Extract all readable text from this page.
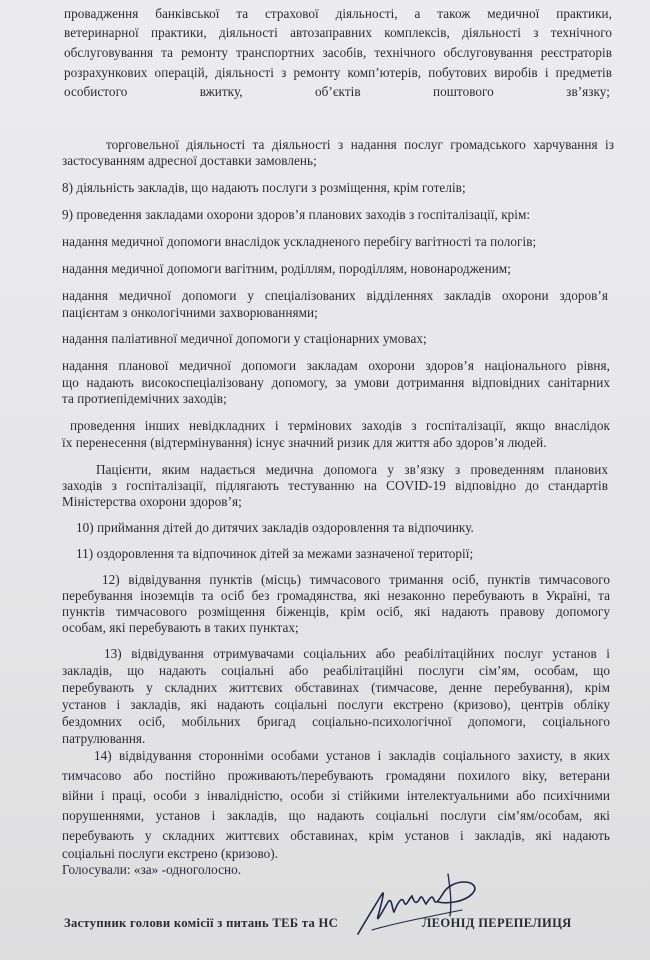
провадження банківської та страхової діяльності, а також медичної практики,
ветеринарної практики, діяльності автозаправних комплексів, діяльності з технічного
обслуговування та ремонту транспортних засобів, технічного обслуговування реєстраторів
розрахункових операцій, діяльності з ремонту комп’ютерів, побутових виробів і предметів
особистого вжитку, об’єктів поштового зв’язку;
торговельної діяльності та діяльності з надання послуг громадського харчування із
застосуванням адресної доставки замовлень;
8) діяльність закладів, що надають послуги з розміщення, крім готелів;
9) проведення закладами охорони здоров’я планових заходів з госпіталізації, крім:
надання медичної допомоги внаслідок ускладненого перебігу вагітності та пологів;
надання медичної допомоги вагітним, роділлям, породіллям, новонародженим;
надання медичної допомоги у спеціалізованих відділеннях закладів охорони здоров’я
пацієнтам з онкологічними захворюваннями;
надання паліативної медичної допомоги у стаціонарних умовах;
надання планової медичної допомоги закладам охорони здоров’я національного рівня,
що надають високоспеціалізовану допомогу, за умови дотримання відповідних санітарних
та протиепідемічних заходів;
проведення інших невідкладних і термінових заходів з госпіталізації, якщо внаслідок
їх перенесення (відтермінування) існує значний ризик для життя або здоров’я людей.
Пацієнти, яким надається медична допомога у зв’язку з проведенням планових
заходів з госпіталізації, підлягають тестуванню на COVID-19 відповідно до стандартів
Міністерства охорони здоров’я;
10) приймання дітей до дитячих закладів оздоровлення та відпочинку.
11) оздоровлення та відпочинок дітей за межами зазначеної території;
12) відвідування пунктів (місць) тимчасового тримання осіб, пунктів тимчасового
перебування іноземців та осіб без громадянства, які незаконно перебувають в Україні, та
пунктів тимчасового розміщення біженців, крім осіб, які надають правову допомогу
особам, які перебувають в таких пунктах;
13) відвідування отримувачами соціальних або реабілітаційних послуг установ і
закладів, що надають соціальні або реабілітаційні послуги сім’ям, особам, що
перебувають у складних життєвих обставинах (тимчасове, денне перебування), крім
установ і закладів, які надають соціальні послуги екстрено (кризово), центрів обліку
бездомних осіб, мобільних бригад соціально-психологічної допомоги, соціального
патрулювання.
14) відвідування сторонніми особами установ і закладів соціального захисту, в яких
тимчасово або постійно проживають/перебувають громадяни похилого віку, ветерани
війни і праці, особи з інвалідністю, особи зі стійкими інтелектуальними або психічними
порушеннями, установ і закладів, що надають соціальні послуги сім’ям/особам, які
перебувають у складних життєвих обставинах, крім установ і закладів, які надають
соціальні послуги екстрено (кризово).
Голосували: «за» -одноголосно.
Заступник голови комісії з питань ТЕБ та НС	ЛЕОНІД ПЕРЕПЕЛИЦЯ
